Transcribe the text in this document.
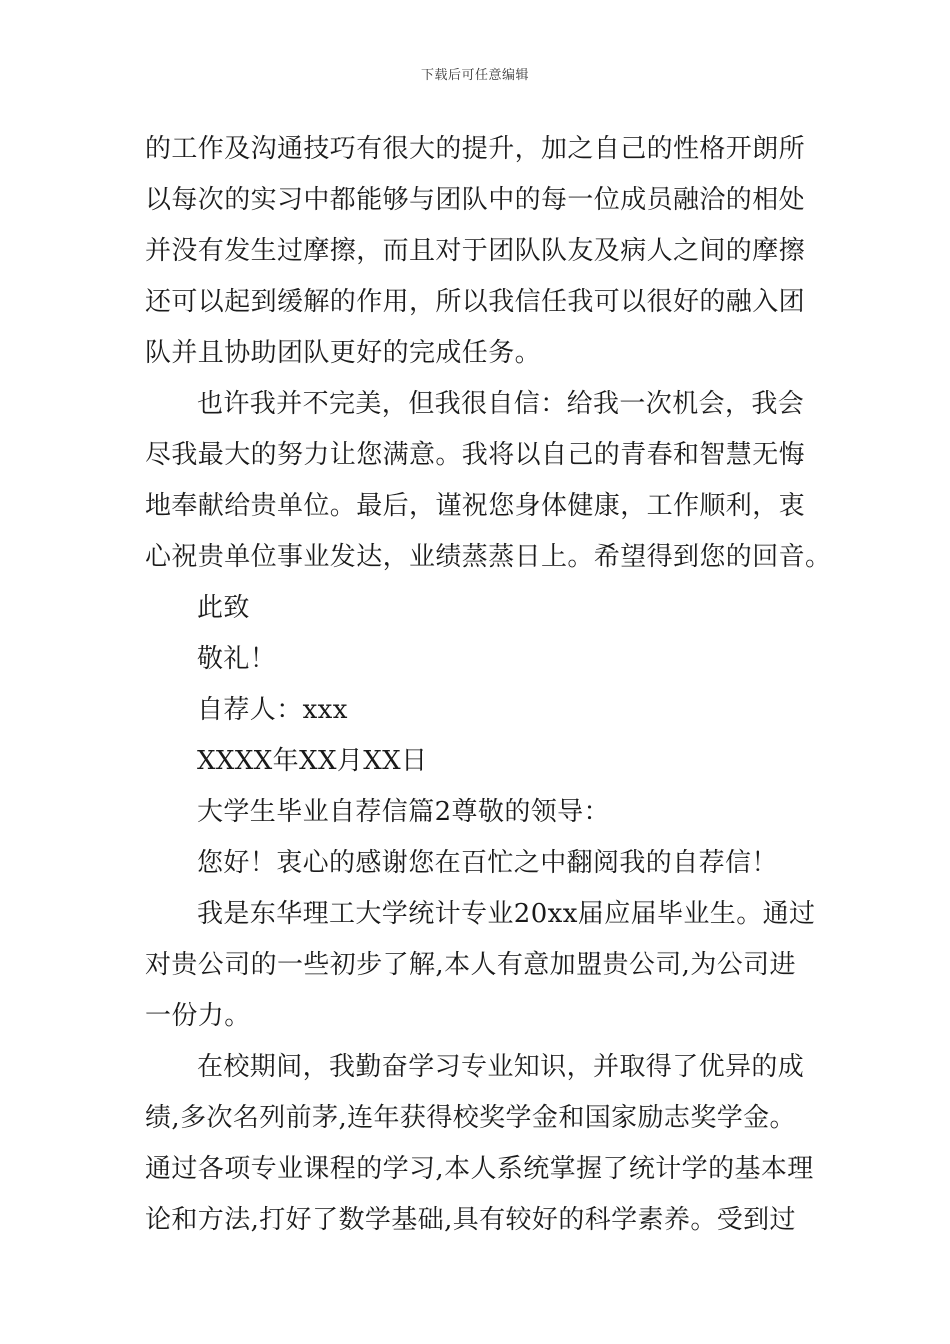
下载后可任意编辑
的工作及沟通技巧有很大的提升，加之自己的性格开朗所
以每次的实习中都能够与团队中的每一位成员融洽的相处
并没有发生过摩擦，而且对于团队队友及病人之间的摩擦
还可以起到缓解的作用，所以我信任我可以很好的融入团
队并且协助团队更好的完成任务。
也许我并不完美，但我很自信：给我一次机会，我会
尽我最大的努力让您满意。我将以自己的青春和智慧无悔
地奉献给贵单位。最后，谨祝您身体健康，工作顺利，衷
心祝贵单位事业发达，业绩蒸蒸日上。希望得到您的回音。
此致
敬礼！
自荐人：xxx
XXXX年XX月XX日
大学生毕业自荐信篇2尊敬的领导：
您好！衷心的感谢您在百忙之中翻阅我的自荐信！
我是东华理工大学统计专业20xx届应届毕业生。通过
对贵公司的一些初步了解,本人有意加盟贵公司,为公司进
一份力。
在校期间，我勤奋学习专业知识，并取得了优异的成
绩,多次名列前茅,连年获得校奖学金和国家励志奖学金。
通过各项专业课程的学习,本人系统掌握了统计学的基本理
论和方法,打好了数学基础,具有较好的科学素养。受到过
